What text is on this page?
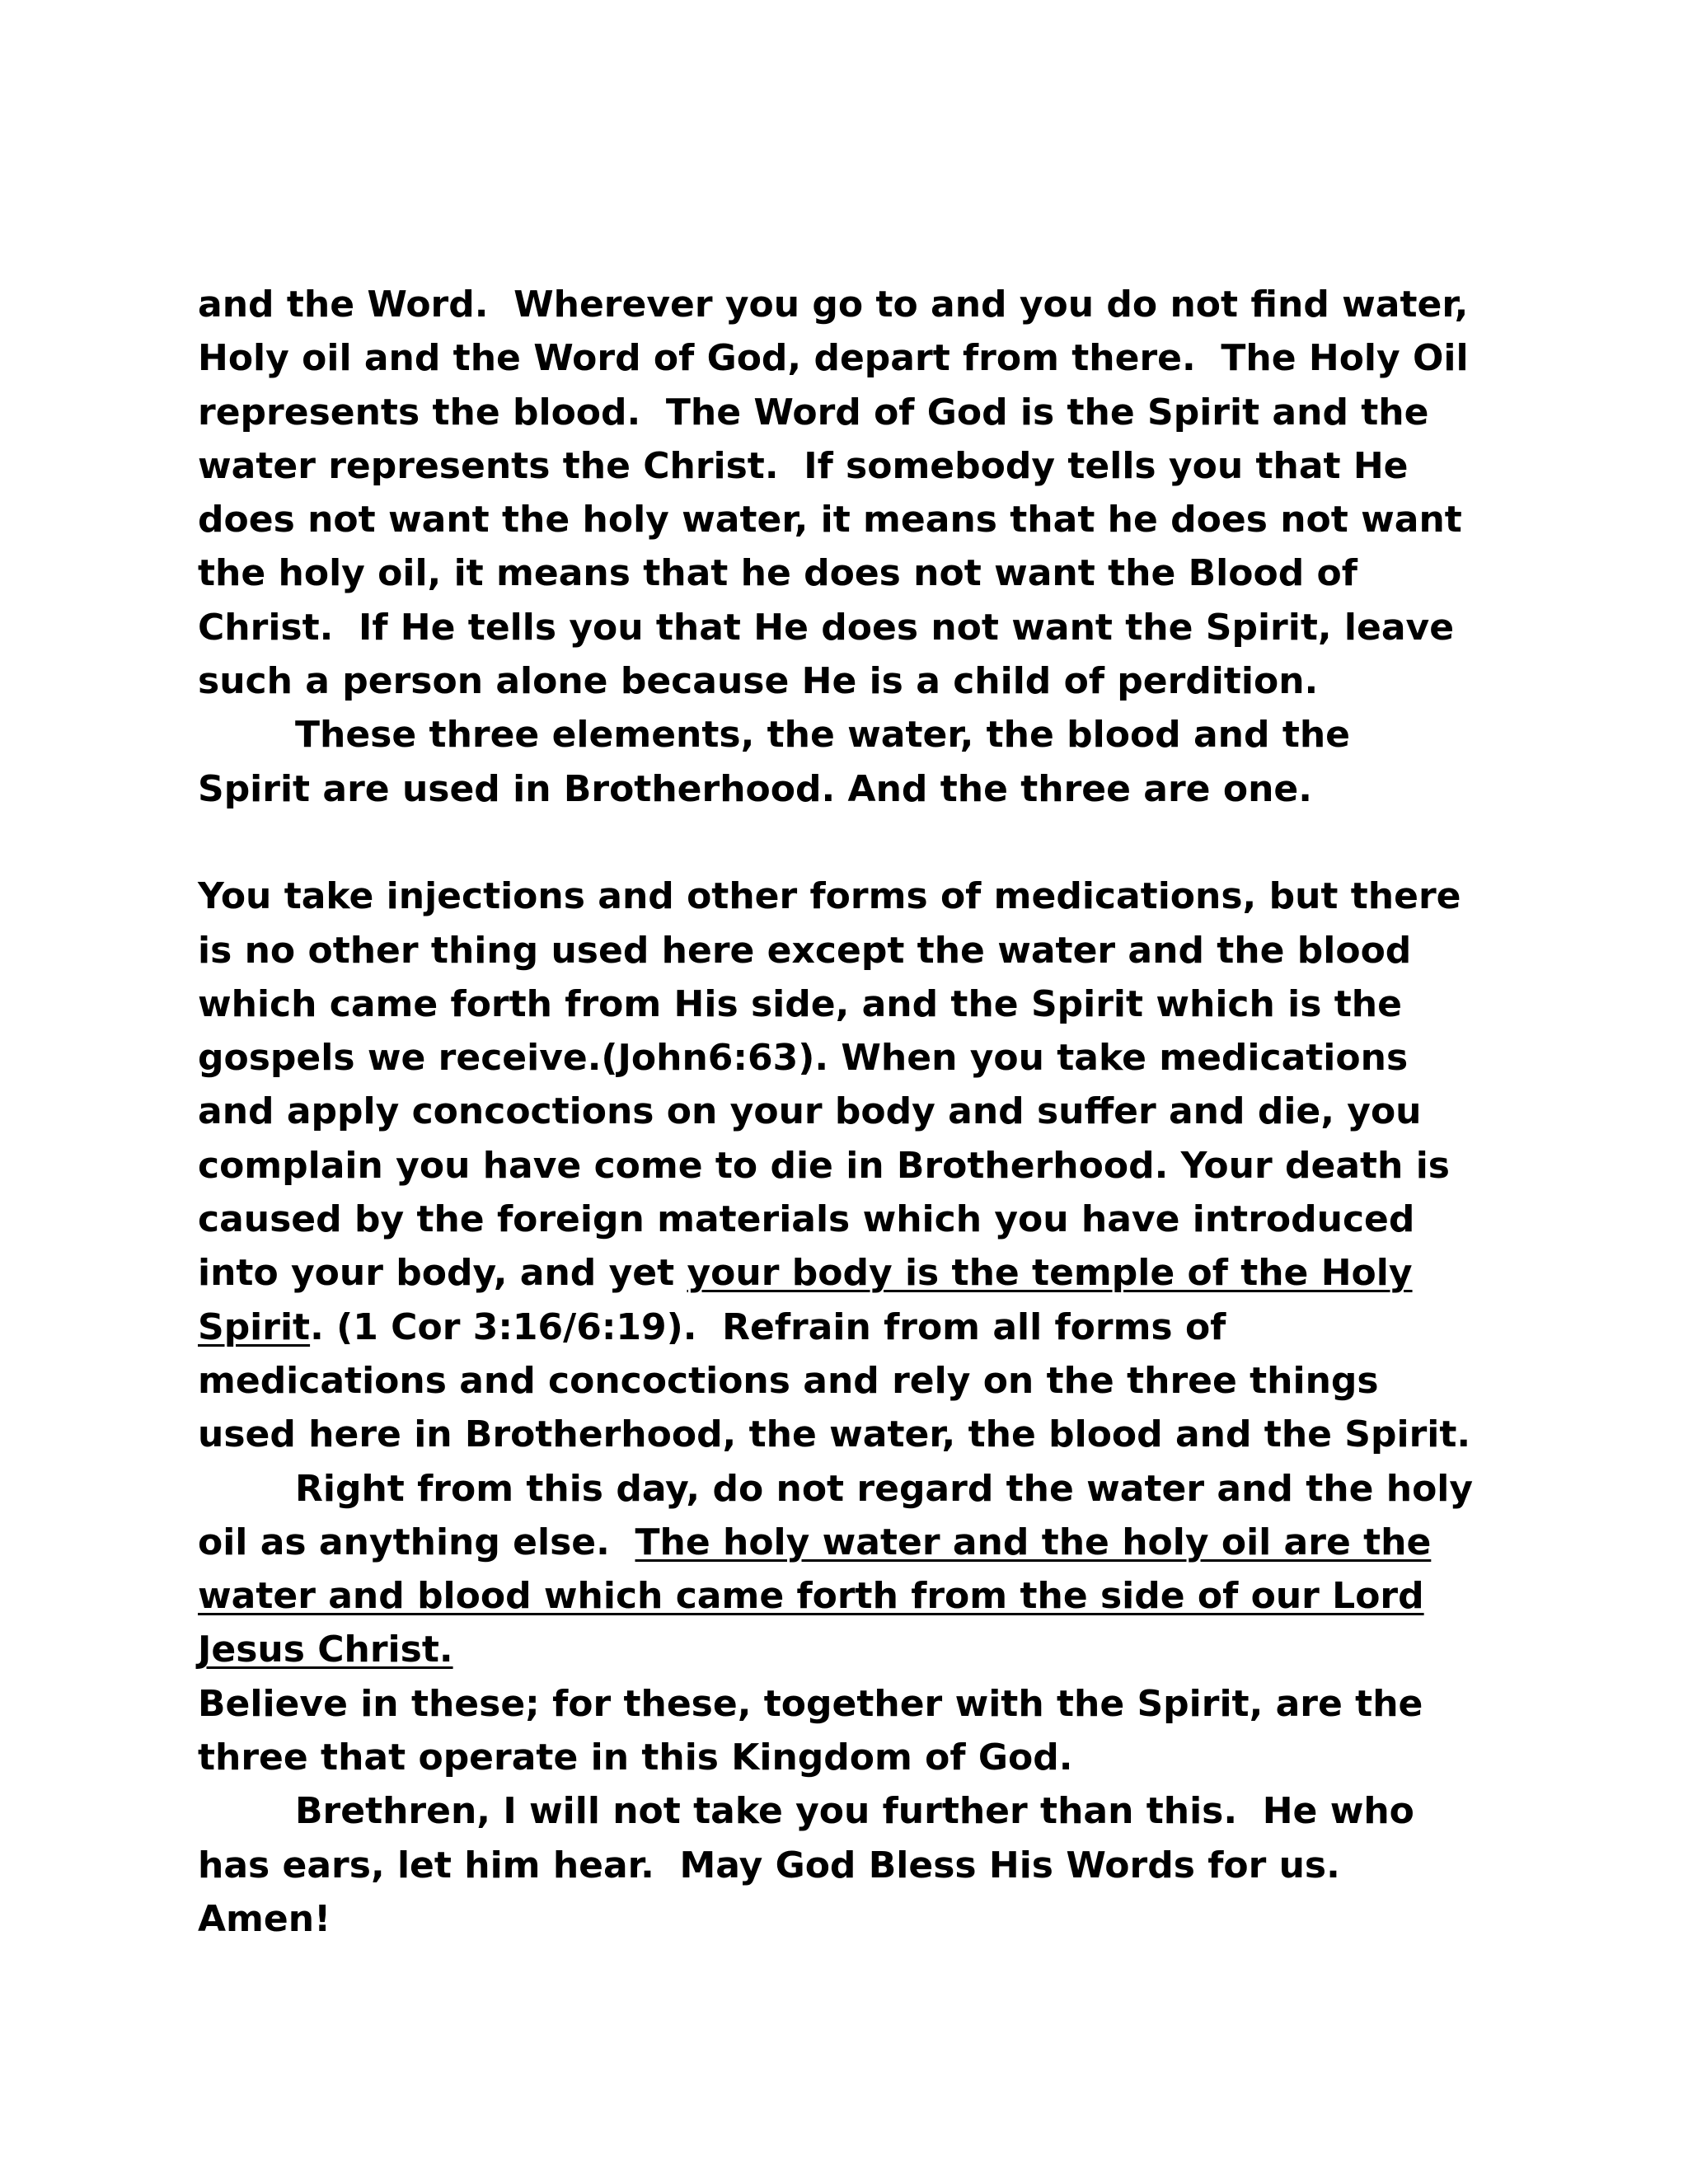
and the Word.  Wherever you go to and you do not find water,
Holy oil and the Word of God, depart from there.  The Holy Oil
represents the blood.  The Word of God is the Spirit and the
water represents the Christ.  If somebody tells you that He
does not want the holy water, it means that he does not want
the holy oil, it means that he does not want the Blood of
Christ.  If He tells you that He does not want the Spirit, leave
such a person alone because He is a child of perdition.
These three elements, the water, the blood and the
Spirit are used in Brotherhood. And the three are one.
You take injections and other forms of medications, but there
is no other thing used here except the water and the blood
which came forth from His side, and the Spirit which is the
gospels we receive.(John6:63). When you take medications
and apply concoctions on your body and suffer and die, you
complain you have come to die in Brotherhood. Your death is
caused by the foreign materials which you have introduced
into your body, and yet your body is the temple of the Holy
Spirit. (1 Cor 3:16/6:19).  Refrain from all forms of
medications and concoctions and rely on the three things
used here in Brotherhood, the water, the blood and the Spirit.
Right from this day, do not regard the water and the holy
oil as anything else.  The holy water and the holy oil are the
water and blood which came forth from the side of our Lord
Jesus Christ.
Believe in these; for these, together with the Spirit, are the
three that operate in this Kingdom of God.
Brethren, I will not take you further than this.  He who
has ears, let him hear.  May God Bless His Words for us.
Amen!
